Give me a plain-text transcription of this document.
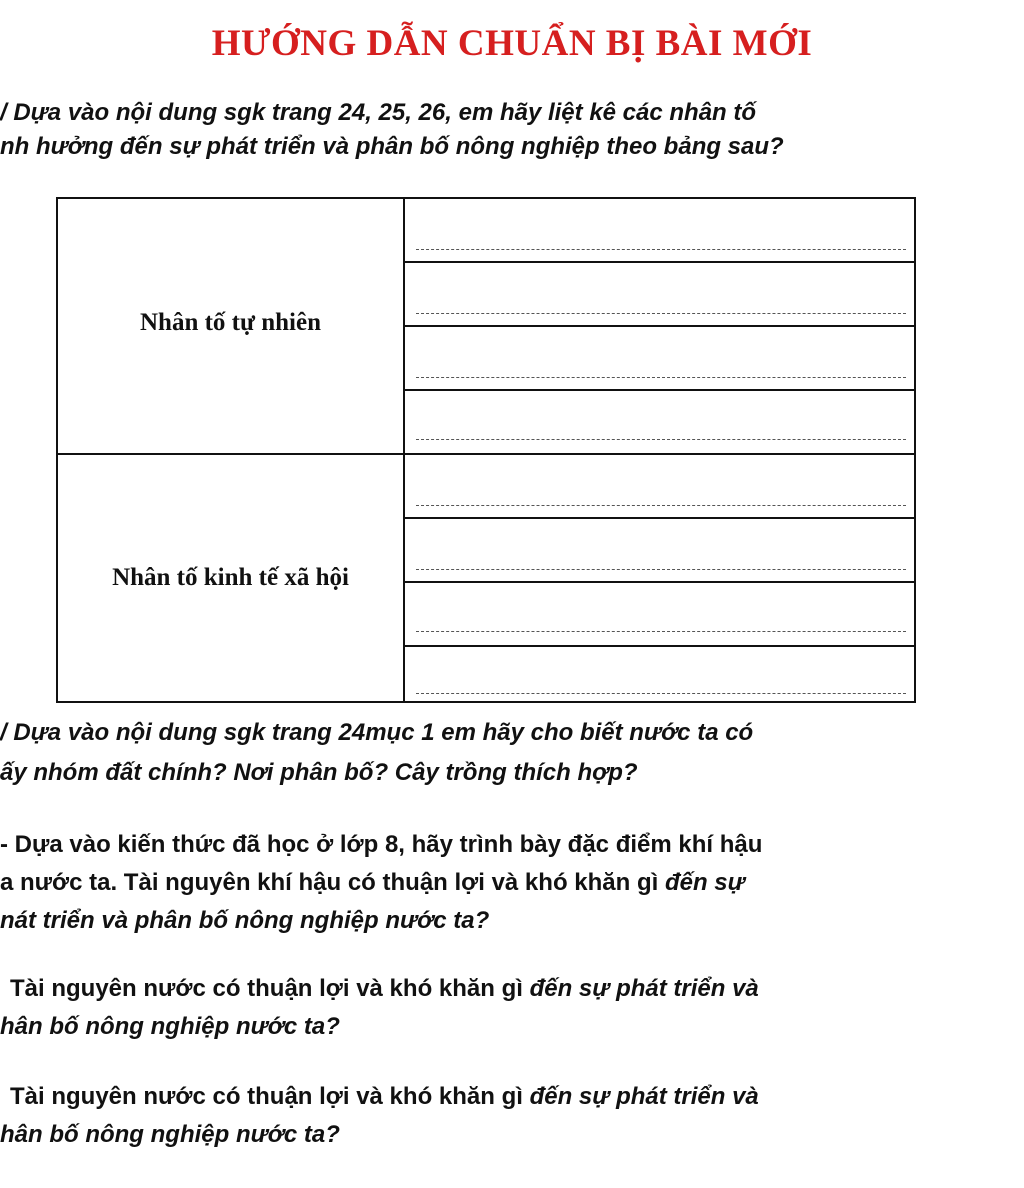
HƯỚNG DẪN CHUẨN BỊ BÀI MỚI
/ Dựa vào nội dung sgk trang 24, 25, 26, em hãy liệt kê các nhân tố
nh hưởng đến sự phát triển và phân bố nông nghiệp theo bảng sau?
Nhân tố tự nhiên
Nhân tố kinh tế xã hội
/ Dựa vào nội dung sgk trang 24mục 1 em hãy cho biết nước ta có
ấy nhóm đất chính? Nơi phân bố? Cây trồng thích hợp?
- Dựa vào kiến thức đã học ở lớp 8, hãy trình bày đặc điểm khí hậu
a nước ta. Tài nguyên khí hậu có thuận lợi và khó khăn gì đến sự
nát triển và phân bố nông nghiệp nước ta?
Tài nguyên nước có thuận lợi và khó khăn gì đến sự phát triển và
hân bố nông nghiệp nước ta?
Tài nguyên nước có thuận lợi và khó khăn gì đến sự phát triển và
hân bố nông nghiệp nước ta?
